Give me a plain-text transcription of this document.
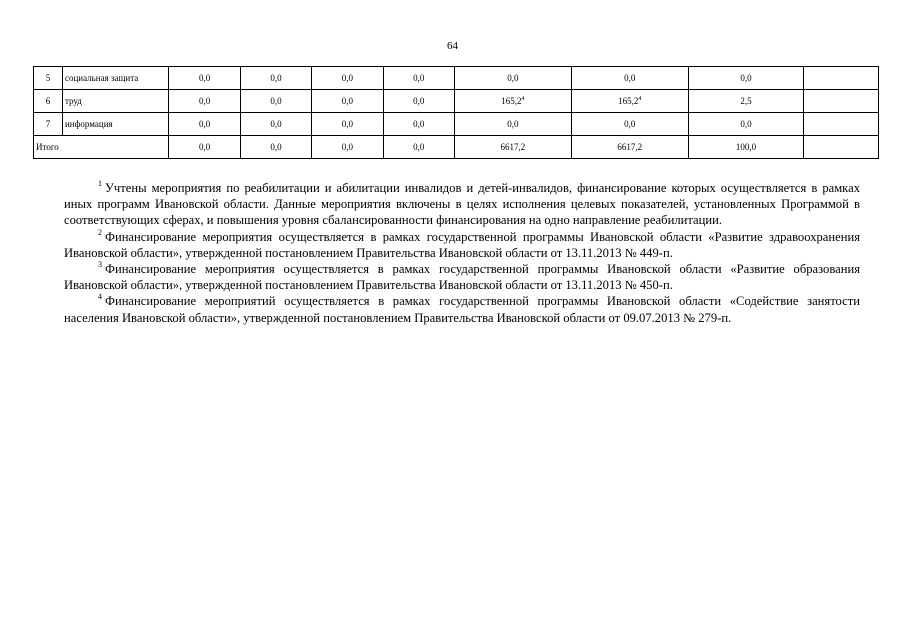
64
5	социальная защита	0,0	0,0	0,0	0,0	0,0	0,0	0,0	
6	труд	0,0	0,0	0,0	0,0	165,2$^4$	165,2$^4$	2,5	
7	информация	0,0	0,0	0,0	0,0	0,0	0,0	0,0	
Итого		0,0	0,0	0,0	0,0	6617,2	6617,2	100,0	

$^1$ Учтены мероприятия по реабилитации и абилитации инвалидов и детей-инвалидов, финансирование которых осуществляется в рамках иных программ Ивановской области. Данные мероприятия включены в целях исполнения целевых показателей, установленных Программой в соответствующих сферах, и повышения уровня сбалансированности финансирования на одно направление реабилитации.

$^2$ Финансирование мероприятия осуществляется в рамках государственной программы Ивановской области «Развитие здравоохранения Ивановской области», утвержденной постановлением Правительства Ивановской области от 13.11.2013 № 449-п.

$^3$ Финансирование мероприятия осуществляется в рамках государственной программы Ивановской области «Развитие образования Ивановской области», утвержденной постановлением Правительства Ивановской области от 13.11.2013 № 450-п.

$^4$ Финансирование мероприятий осуществляется в рамках государственной программы Ивановской области «Содействие занятости населения Ивановской области», утвержденной постановлением Правительства Ивановской области от 09.07.2013 № 279-п.
